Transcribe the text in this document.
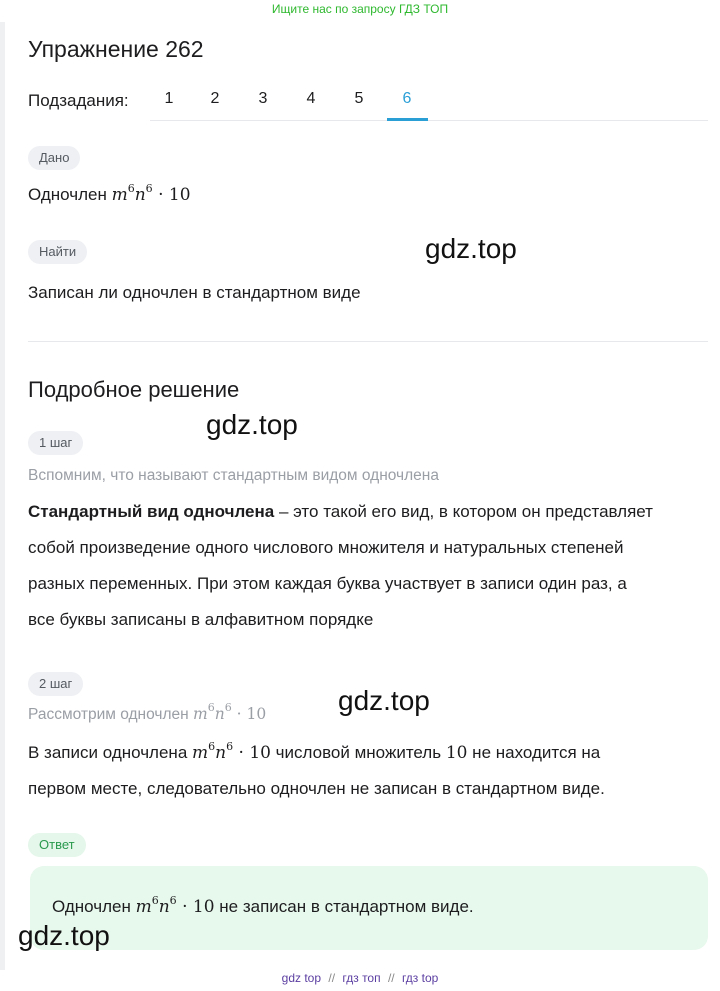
Ищите нас по запросу ГДЗ ТОП
Упражнение 262
Подзадания:	1	2	3	4	5	6
Дано
Одночлен $m^6n^6 \cdot 10$
Найти
Записан ли одночлен в стандартном виде
gdz.top
Подробное решение
gdz.top
1 шаг
Вспомним, что называют стандартным видом одночлена
Стандартный вид одночлена – это такой его вид, в котором он представляет
собой произведение одного числового множителя и натуральных степеней
разных переменных. При этом каждая буква участвует в записи один раз, а
все буквы записаны в алфавитном порядке
2 шаг
Рассмотрим одночлен $m^6n^6 \cdot 10$	gdz.top
В записи одночлена $m^6n^6 \cdot 10$ числовой множитель 10 не находится на
первом месте, следовательно одночлен не записан в стандартном виде.
Ответ
Одночлен $m^6n^6 \cdot 10$ не записан в стандартном виде.
gdz.top
gdz top // гдз топ // гдз top
